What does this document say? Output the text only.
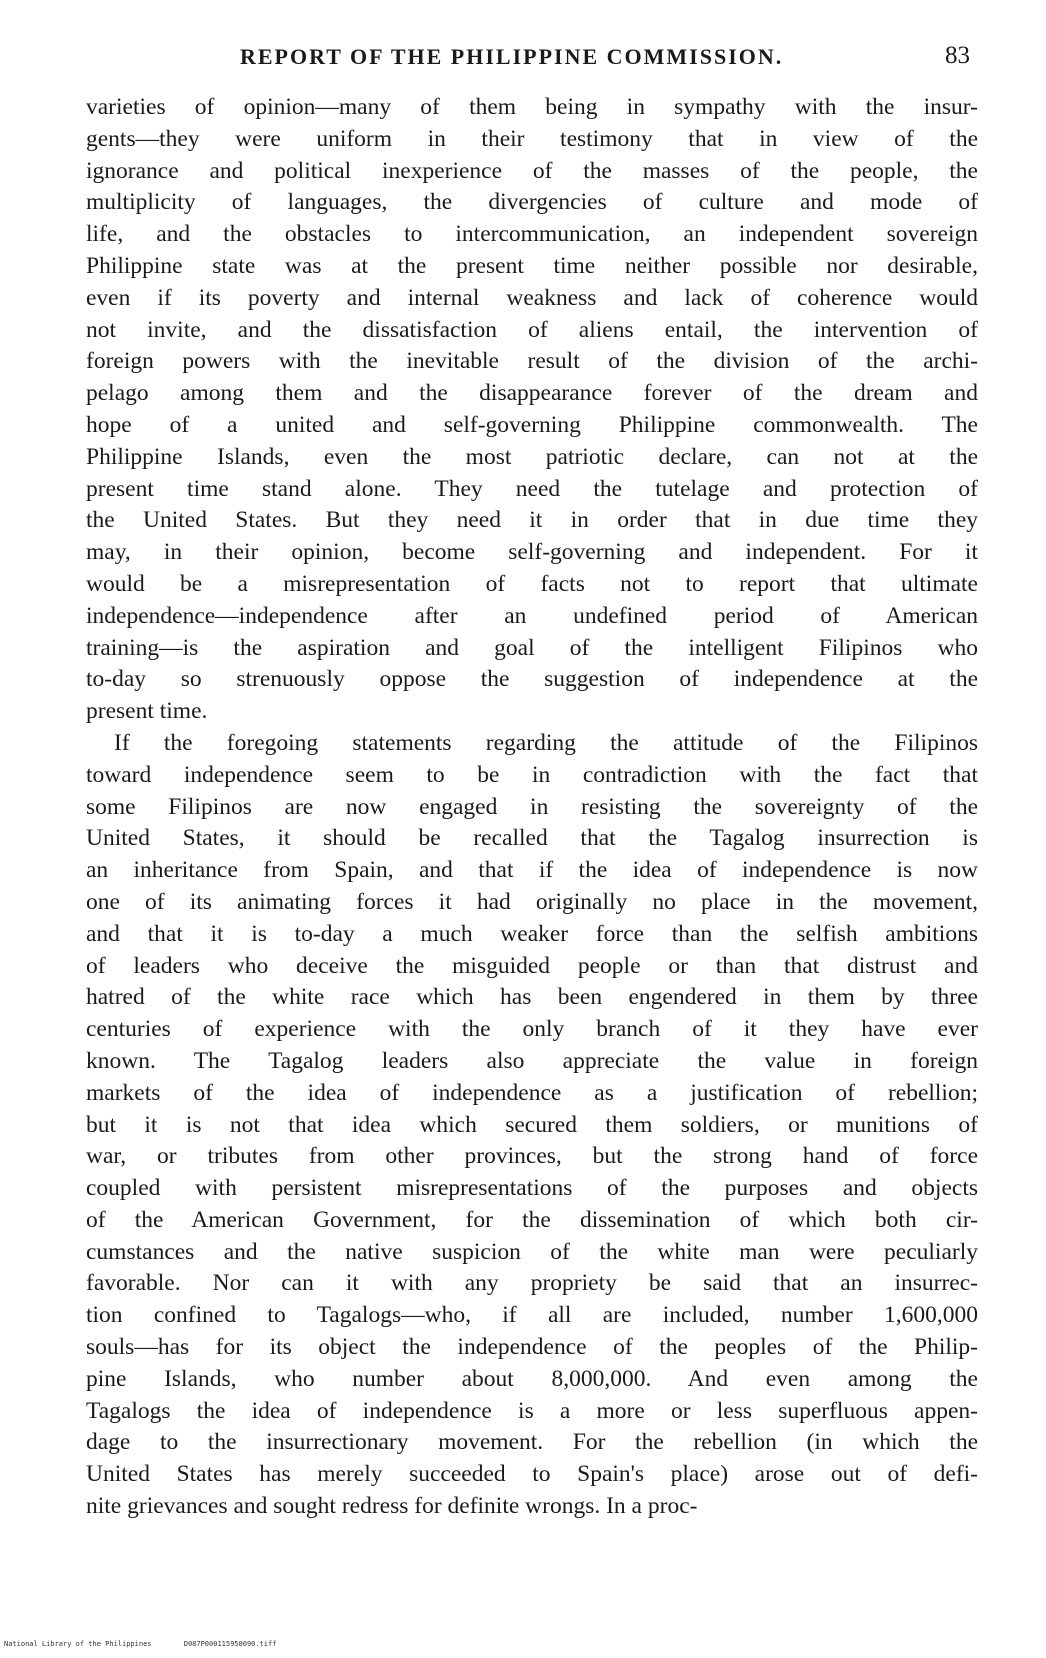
REPORT OF THE PHILIPPINE COMMISSION.	83
varieties of opinion—many of them being in sympathy with the insur-
gents—they were uniform in their testimony that in view of the
ignorance and political inexperience of the masses of the people, the
multiplicity of languages, the divergencies of culture and mode of
life, and the obstacles to intercommunication, an independent sovereign
Philippine state was at the present time neither possible nor desirable,
even if its poverty and internal weakness and lack of coherence would
not invite, and the dissatisfaction of aliens entail, the intervention of
foreign powers with the inevitable result of the division of the archi-
pelago among them and the disappearance forever of the dream and
hope of a united and self-governing Philippine commonwealth. The
Philippine Islands, even the most patriotic declare, can not at the
present time stand alone. They need the tutelage and protection of
the United States. But they need it in order that in due time they
may, in their opinion, become self-governing and independent. For it
would be a misrepresentation of facts not to report that ultimate
independence—independence after an undefined period of American
training—is the aspiration and goal of the intelligent Filipinos who
to-day so strenuously oppose the suggestion of independence at the
present time.
If the foregoing statements regarding the attitude of the Filipinos
toward independence seem to be in contradiction with the fact that
some Filipinos are now engaged in resisting the sovereignty of the
United States, it should be recalled that the Tagalog insurrection is
an inheritance from Spain, and that if the idea of independence is now
one of its animating forces it had originally no place in the movement,
and that it is to-day a much weaker force than the selfish ambitions
of leaders who deceive the misguided people or than that distrust and
hatred of the white race which has been engendered in them by three
centuries of experience with the only branch of it they have ever
known. The Tagalog leaders also appreciate the value in foreign
markets of the idea of independence as a justification of rebellion;
but it is not that idea which secured them soldiers, or munitions of
war, or tributes from other provinces, but the strong hand of force
coupled with persistent misrepresentations of the purposes and objects
of the American Government, for the dissemination of which both cir-
cumstances and the native suspicion of the white man were peculiarly
favorable. Nor can it with any propriety be said that an insurrec-
tion confined to Tagalogs—who, if all are included, number 1,600,000
souls—has for its object the independence of the peoples of the Philip-
pine Islands, who number about 8,000,000. And even among the
Tagalogs the idea of independence is a more or less superfluous appen-
dage to the insurrectionary movement. For the rebellion (in which the
United States has merely succeeded to Spain's place) arose out of defi-
nite grievances and sought redress for definite wrongs. In a proc-
National Library of the Philippines	D087P000115950090.tiff
